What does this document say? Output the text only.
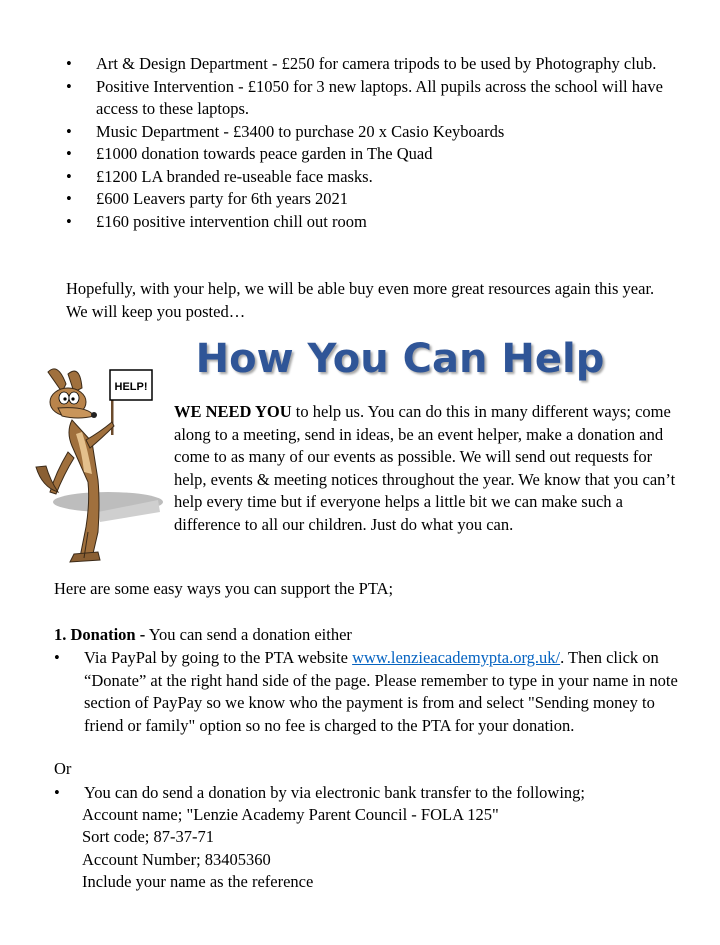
• Art & Design Department - £250 for camera tripods to be used by Photography club.
• Positive Intervention - £1050 for 3 new laptops. All pupils across the school will have access to these laptops.
• Music Department - £3400 to purchase 20 x Casio Keyboards
• £1000 donation towards peace garden in The Quad
• £1200 LA branded re-useable face masks.
• £600 Leavers party for 6th years 2021
• £160 positive intervention chill out room
Hopefully, with your help, we will be able buy even more great resources again this year. We will keep you posted…
How You Can Help
HELP!
WE NEED YOU to help us. You can do this in many different ways; come along to a meeting, send in ideas, be an event helper, make a donation and come to as many of our events as possible. We will send out requests for help, events & meeting notices throughout the year. We know that you can’t help every time but if everyone helps a little bit we can make such a difference to all our children. Just do what you can.
Here are some easy ways you can support the PTA;
1. Donation - You can send a donation either
• Via PayPal by going to the PTA website www.lenzieacademypta.org.uk/. Then click on “Donate” at the right hand side of the page. Please remember to type in your name in note section of PayPay so we know who the payment is from and select "Sending money to friend or family" option so no fee is charged to the PTA for your donation.
Or
• You can do send a donation by via electronic bank transfer to the following;
Account name; "Lenzie Academy Parent Council - FOLA 125"
Sort code; 87-37-71
Account Number; 83405360
Include your name as the reference
